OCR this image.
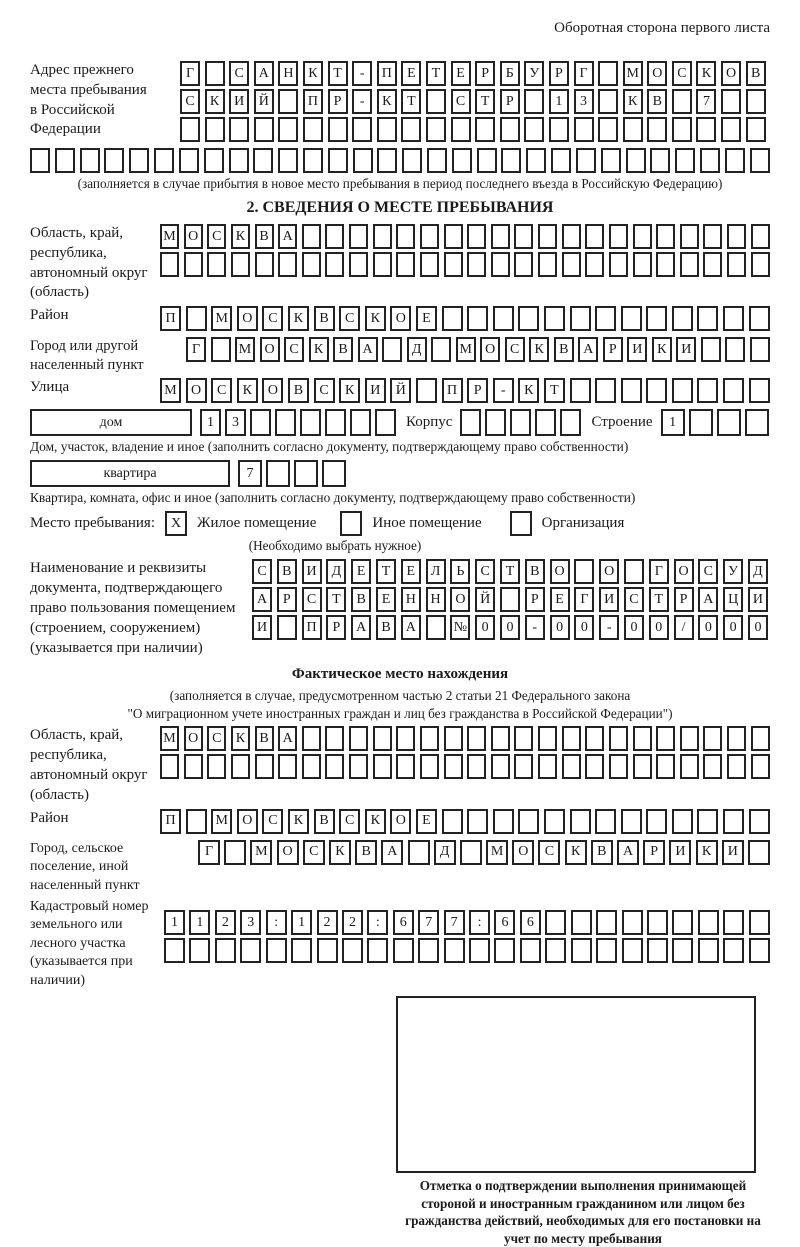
Оборотная сторона первого листа
Адрес прежнего места пребывания в Российской Федерации
Г	С	А	Н	К	Т	-	П	Е	Т	Е	Р	Б	У	Р	Г	М О	С	К	О	В
С	К	И	Й	П	Р	-	К	Т	С	Т	Р	1	3	К	В	7
(заполняется в случае прибытия в новое место пребывания в период последнего въезда в Российскую Федерацию)
2. СВЕДЕНИЯ О МЕСТЕ ПРЕБЫВАНИЯ
Область, край, республика, автономный округ (область)
М О С	К	В А
Район	П	М	О	С	К	В	С	К	О	Е
Город или другой населенный пункт
Г	М О	С	К	В	А	Д	М О	С	К	В	А	Р	И	К	И
Улица	М	О	С	К	О	В	С	К	И	Й	П	Р	-	К	Т
дом	1	3	Корпус	Строение	1
Дом, участок, владение и иное (заполнить согласно документу, подтверждающему право собственности)
квартира	7
Квартира, комната, офис и иное (заполнить согласно документу, подтверждающему право собственности)
Место пребывания:	X	Жилое помещение	Иное помещение	Организация
(Необходимо выбрать нужное)
Наименование и реквизиты документа, подтверждающего право пользования помещением (строением, сооружением) (указывается при наличии)
С	В	И	Д	Е	Т	Е	Л	Ь	С	Т	В	О	О	Г	О	С	У	Д
А	Р	С	Т	В	Е	Н	Н	О	Й	Р	Е	Г	И	С	Т	Р	А	Ц	И
И	П	Р	А	В	А	№	0	0	-	0	0	-	0	0	/	0	0	0
Фактическое место нахождения
(заполняется в случае, предусмотренном частью 2 статьи 21 Федерального закона
"О миграционном учете иностранных граждан и лиц без гражданства в Российской Федерации")
Область, край, республика, автономный округ (область)
М О С	К	В А
Район	П	М	О	С	К	В	С	К	О	Е
Город, сельское поселение, иной населенный пункт
Г	М	О	С	К	В	А	Д	М	О	С	К	В	А	Р	И	К	И
Кадастровый номер земельного или лесного участка (указывается при наличии)
1	1	2	3	:	1	2	2	:	6	7	7	:	6	6
Отметка о подтверждении выполнения принимающей стороной и иностранным гражданином или лицом без гражданства действий, необходимых для его постановки на учет по месту пребывания
